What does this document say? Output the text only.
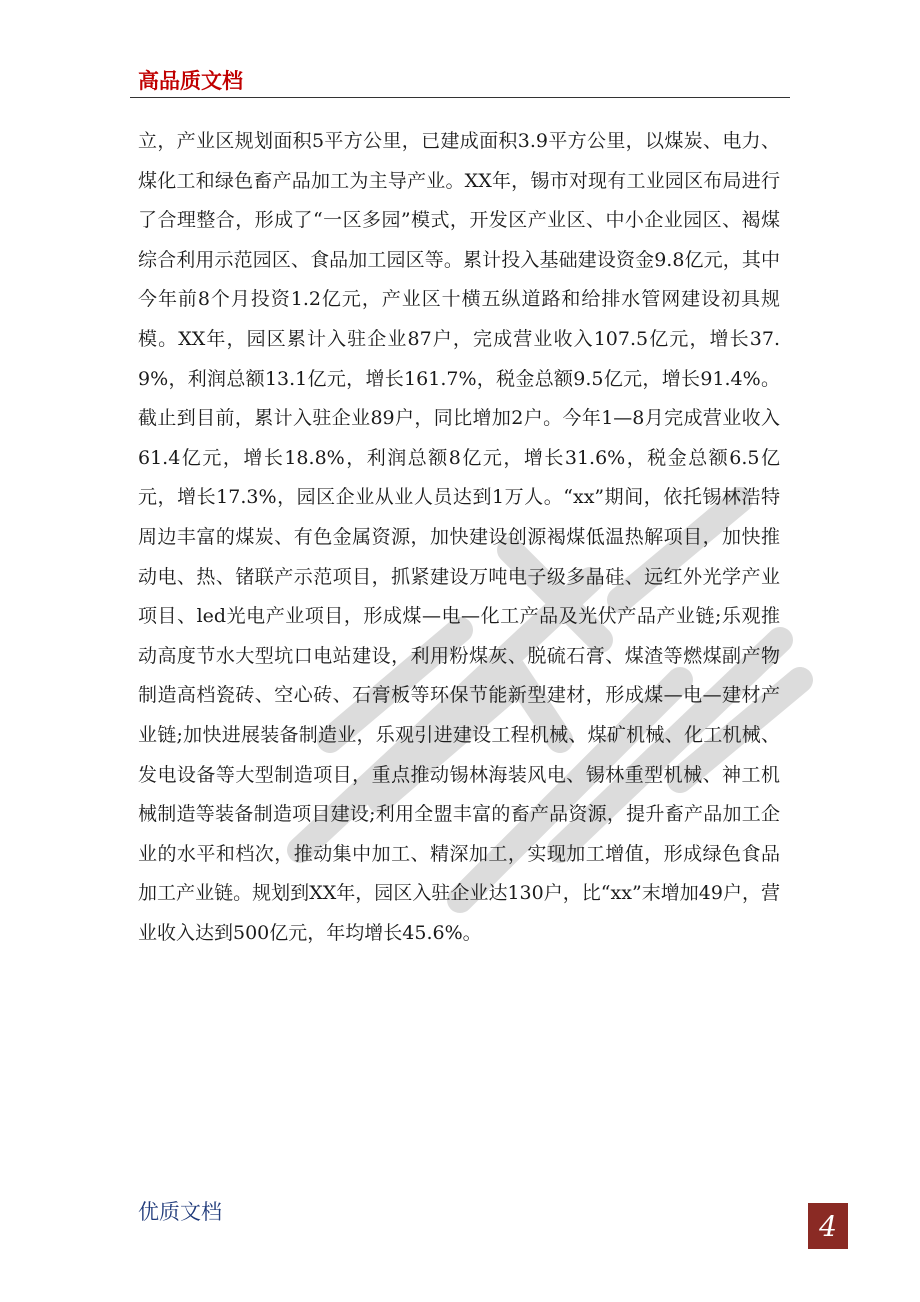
高品质文档

立，产业区规划面积5平方公里，已建成面积3.9平方公里，以煤炭、电力、煤化工和绿色畜产品加工为主导产业。XX年，锡市对现有工业园区布局进行了合理整合，形成了“一区多园”模式，开发区产业区、中小企业园区、褐煤综合利用示范园区、食品加工园区等。累计投入基础建设资金9.8亿元，其中今年前8个月投资1.2亿元，产业区十横五纵道路和给排水管网建设初具规模。XX年，园区累计入驻企业87户，完成营业收入107.5亿元，增长37.9%，利润总额13.1亿元，增长161.7%，税金总额9.5亿元，增长91.4%。截止到目前，累计入驻企业89户，同比增加2户。今年1—8月完成营业收入61.4亿元，增长18.8%，利润总额8亿元，增长31.6%，税金总额6.5亿元，增长17.3%，园区企业从业人员达到1万人。“xx”期间，依托锡林浩特周边丰富的煤炭、有色金属资源，加快建设创源褐煤低温热解项目，加快推动电、热、锗联产示范项目，抓紧建设万吨电子级多晶硅、远红外光学产业项目、led光电产业项目，形成煤—电—化工产品及光伏产品产业链;乐观推动高度节水大型坑口电站建设，利用粉煤灰、脱硫石膏、煤渣等燃煤副产物制造高档瓷砖、空心砖、石膏板等环保节能新型建材，形成煤—电—建材产业链;加快进展装备制造业，乐观引进建设工程机械、煤矿机械、化工机械、发电设备等大型制造项目，重点推动锡林海装风电、锡林重型机械、神工机械制造等装备制造项目建设;利用全盟丰富的畜产品资源，提升畜产品加工企业的水平和档次，推动集中加工、精深加工，实现加工增值，形成绿色食品加工产业链。规划到XX年，园区入驻企业达130户，比“xx”末增加49户，营业收入达到500亿元，年均增长45.6%。

优质文档	4
